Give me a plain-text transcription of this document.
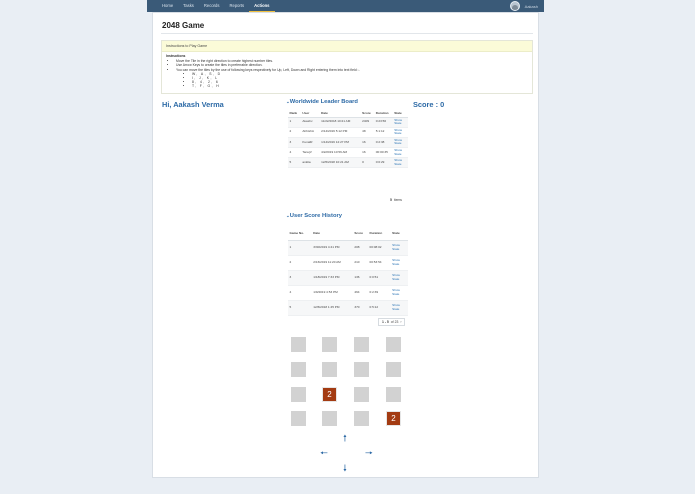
Home	Tasks	Records	Reports	Actions	Aakash
2048 Game
Instructions to Play Game
Instructions
• Move the Tile in the right direction to create highest number tiles.
• Use Arrow Keys to create the tiles in preferrable direction.
• You can move the tiles by the use of following keys respectively for Up, Left, Down and Right entering them into text field :-
• W, A, S, D
• I, J, K, L
• 8, 4, 2, 6
• T, F, G, H
Hi, Aakash Verma	Score : 0
⌄Worldwide Leader Board
Rank	User	Date	Score	Duration	State
1	Akashv	11/22/2018 10:21 AM	2409	0:23:56	Show State
2	AbhishA	2/14/2019 5:12 PM	48	5:1:12	Show State
3	KunalR	1/14/2019 12:27 PM	16	0:2:38	Show State
4	TanujV	4/2/2019 10:56 AM	16	00:00:35	Show State
5	ankita	12/6/2018 10:21 AM	0	0:0:29	Show State
5 items
⌄User Score History
Game No.	Date	Score	Duration	State
1	3/30/2019 4:41 PM	208	00:08:02	Show State
2	2/16/2019 11:20 AM	210	00:53:54	Show State
3	1/18/2019 7:33 PM	136	0:0:51	Show State
4	1/9/2019 4:53 PM	464	0:2:39	Show State
5	12/6/2018 1:45 PM	370	0:5:12	Show State
1 - 5 of 23 ›
2
2
🠕
🠔	🠖
🠗
